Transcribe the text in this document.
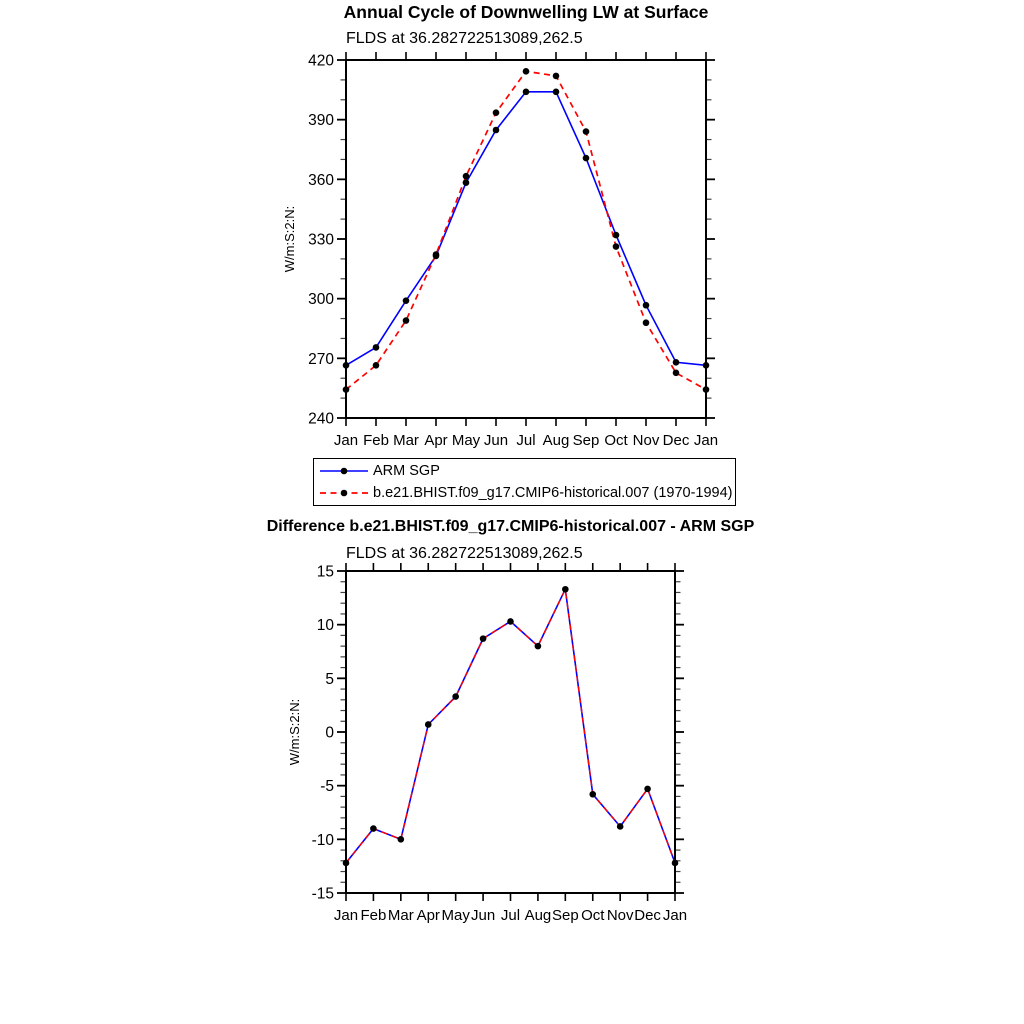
Annual Cycle of Downwelling LW at Surface
FLDS at 36.282722513089,262.5
W/m:S:2:N:
240
270
300
330
360
390
420
Jan Feb Mar Apr May Jun Jul Aug Sep Oct Nov Dec Jan
ARM SGP
b.e21.BHIST.f09_g17.CMIP6-historical.007 (1970-1994)
Difference b.e21.BHIST.f09_g17.CMIP6-historical.007 - ARM SGP
FLDS at 36.282722513089,262.5
W/m:S:2:N:
-15
-10
-5
0
5
10
15
Jan Feb Mar Apr May Jun Jul Aug Sep Oct Nov Dec Jan
